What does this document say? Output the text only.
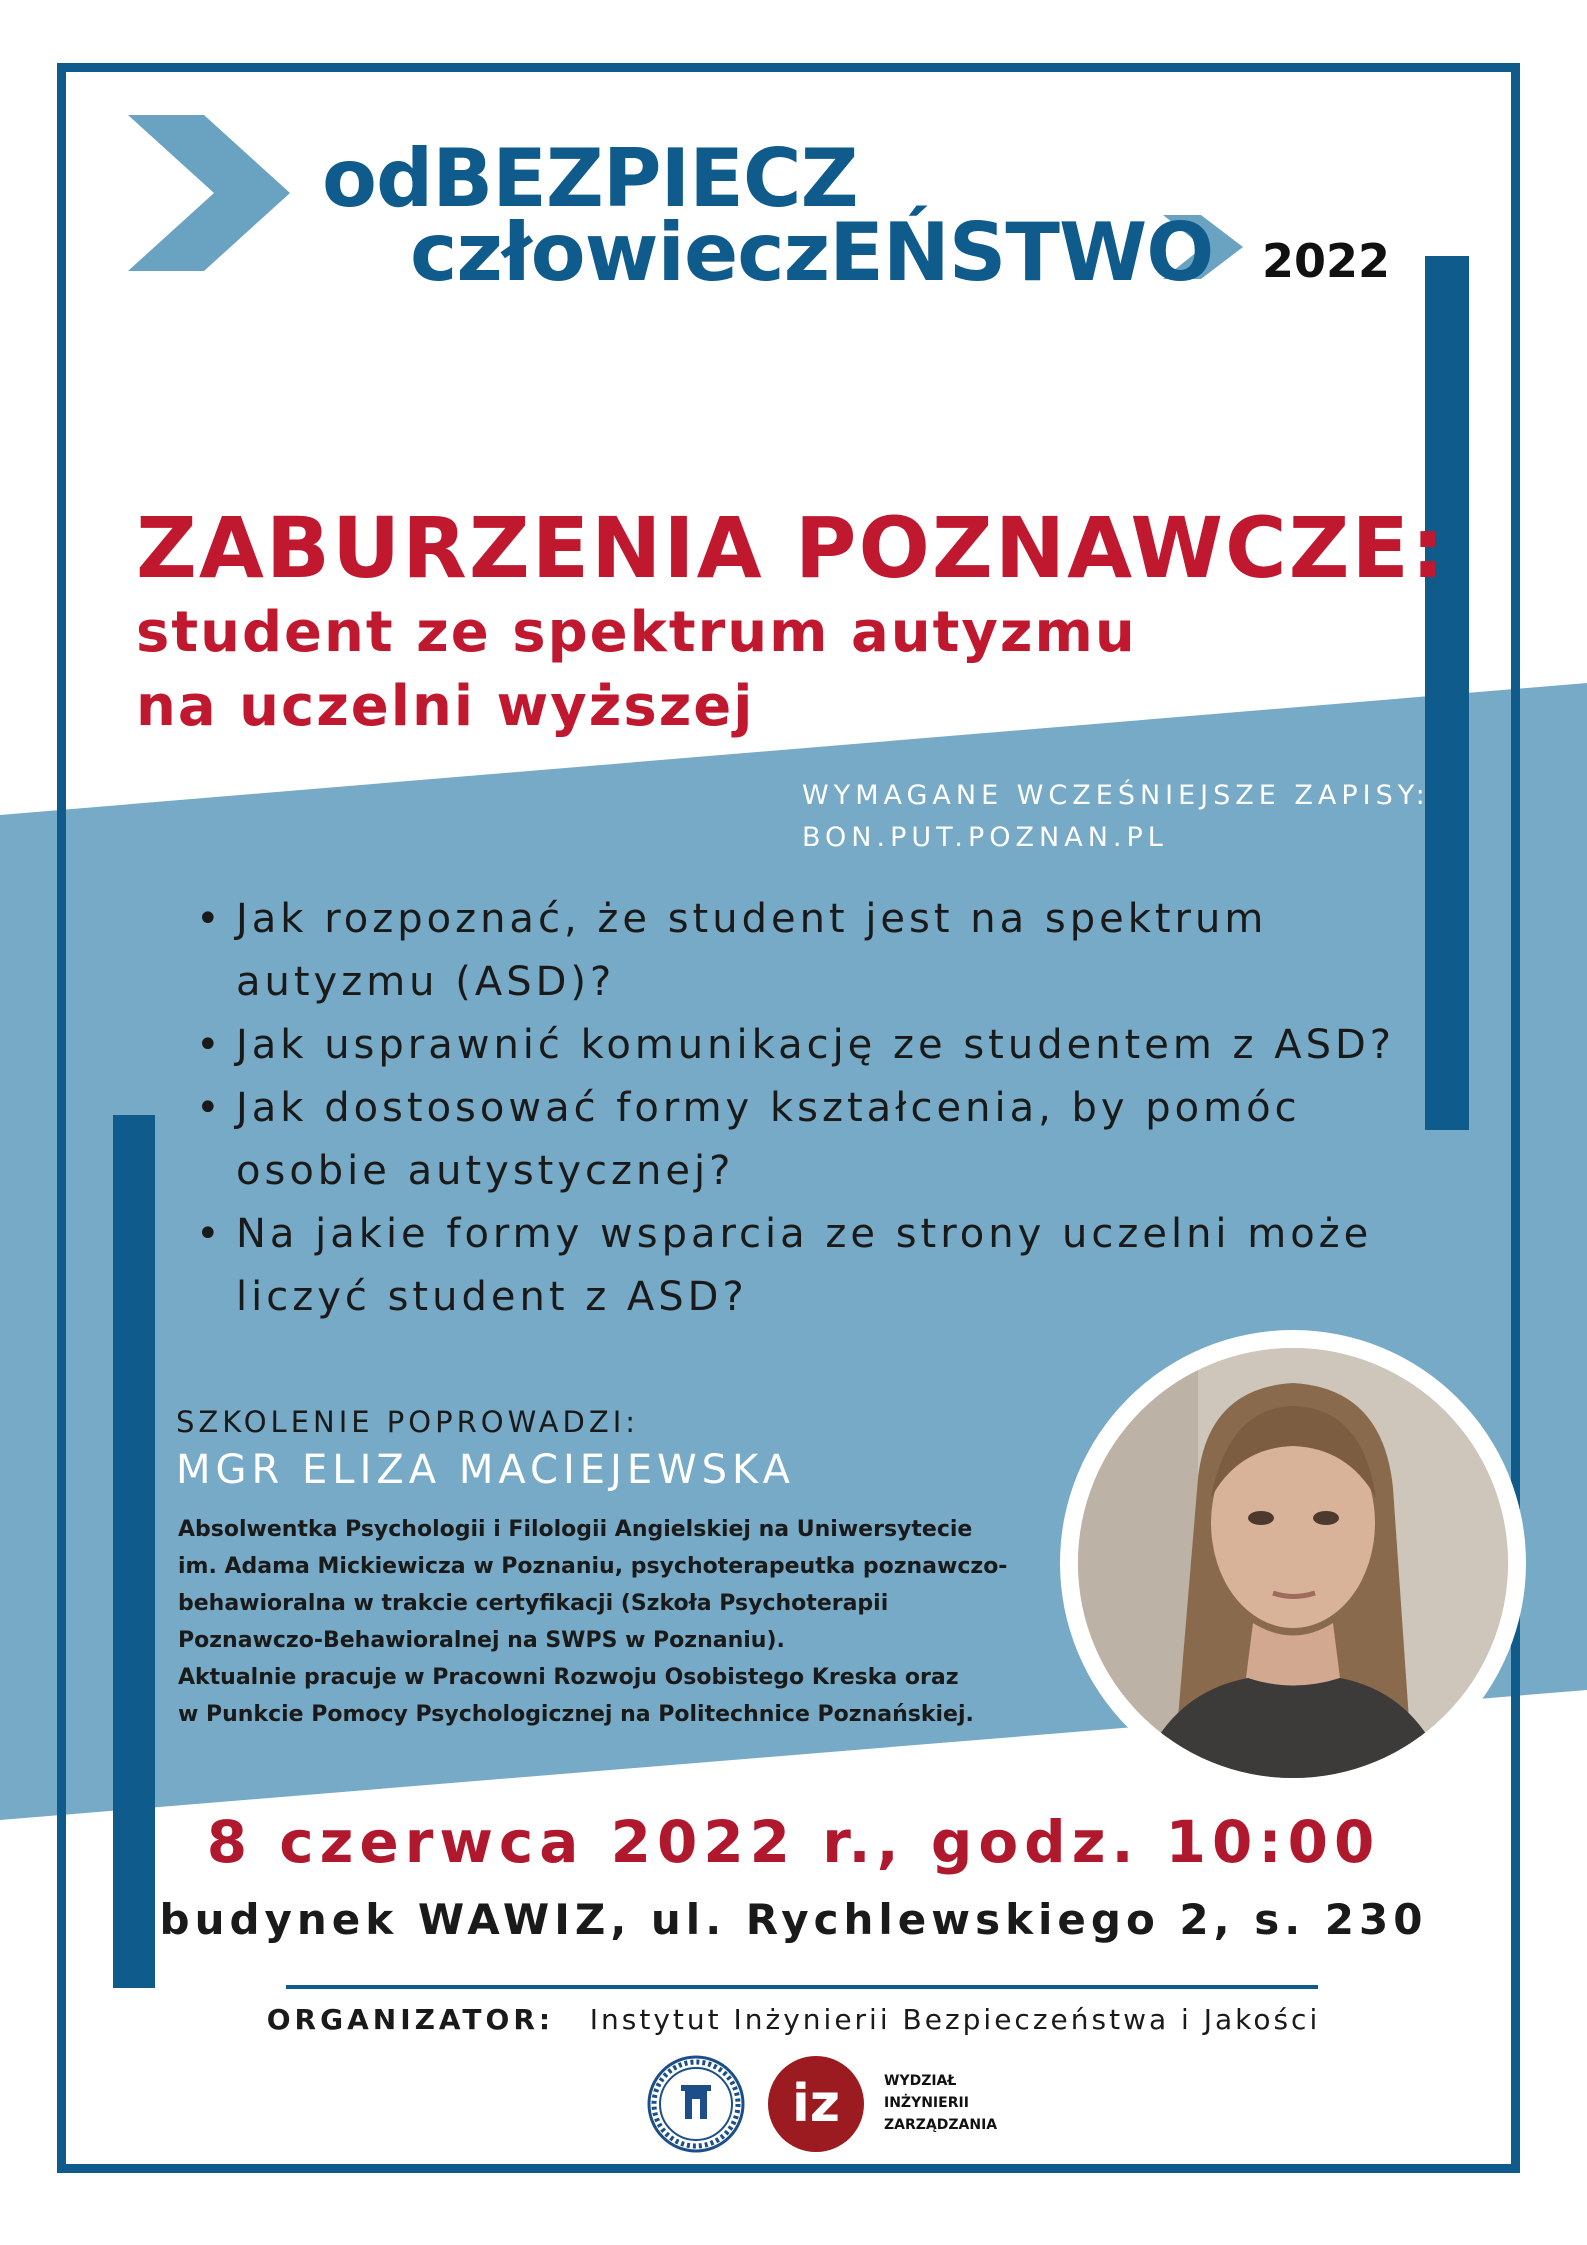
odBEZPIECZ
człowieczEŃSTWO 2022
ZABURZENIA POZNAWCZE:
student ze spektrum autyzmu
na uczelni wyższej
WYMAGANE WCZEŚNIEJSZE ZAPISY:
BON.PUT.POZNAN.PL
• Jak rozpoznać, że student jest na spektrum
autyzmu (ASD)?
• Jak usprawnić komunikację ze studentem z ASD?
• Jak dostosować formy kształcenia, by pomóc
osobie autystycznej?
• Na jakie formy wsparcia ze strony uczelni może
liczyć student z ASD?
SZKOLENIE POPROWADZI:
MGR ELIZA MACIEJEWSKA
Absolwentka Psychologii i Filologii Angielskiej na Uniwersytecie
im. Adama Mickiewicza w Poznaniu, psychoterapeutka poznawczo-
behawioralna w trakcie certyfikacji (Szkoła Psychoterapii
Poznawczo-Behawioralnej na SWPS w Poznaniu).
Aktualnie pracuje w Pracowni Rozwoju Osobistego Kreska oraz
w Punkcie Pomocy Psychologicznej na Politechnice Poznańskiej.
8 czerwca 2022 r., godz. 10:00
budynek WAWIZ, ul. Rychlewskiego 2, s. 230
ORGANIZATOR: Instytut Inżynierii Bezpieczeństwa i Jakości
iz	WYDZIAŁ
INŻYNIERII
ZARZĄDZANIA
